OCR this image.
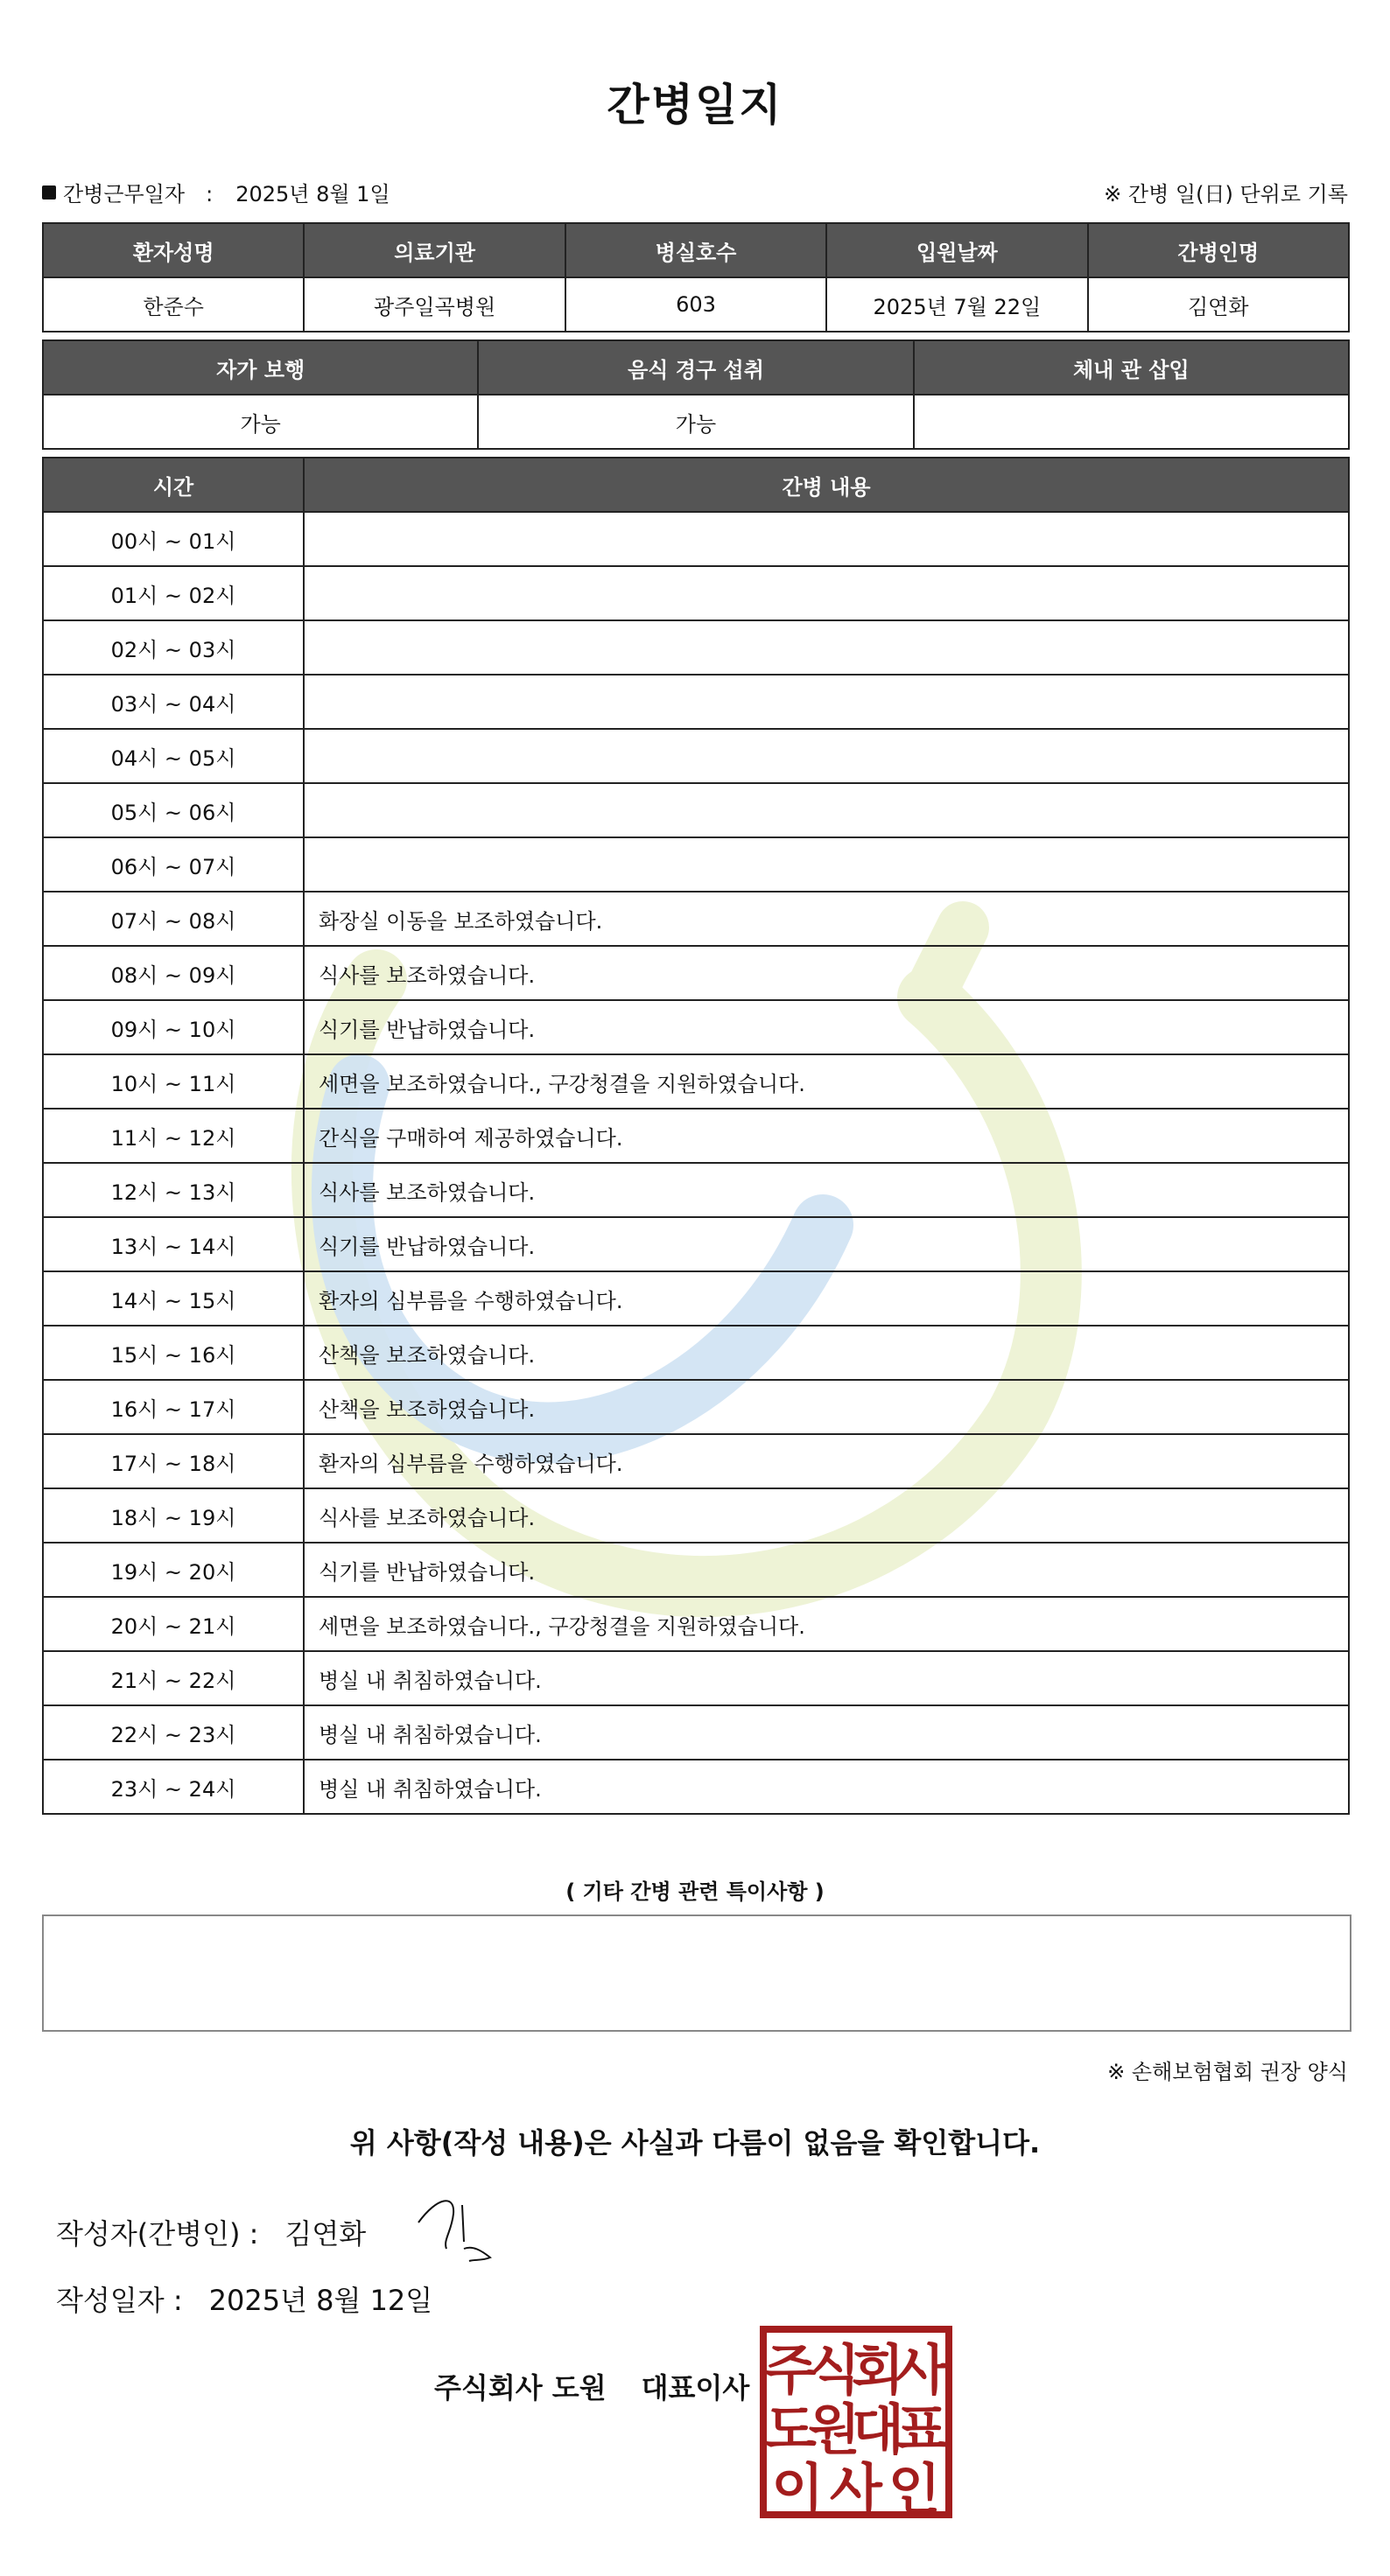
간병일지
간병근무일자　: 2025년 8월 1일	※ 간병 일(日) 단위로 기록
환자성명	의료기관	병실호수	입원날짜	간병인명
한준수	광주일곡병원	603	2025년 7월 22일	김연화
자가 보행	음식 경구 섭취	체내 관 삽입
가능	가능	
시간	간병 내용
00시 ~ 01시	
01시 ~ 02시	
02시 ~ 03시	
03시 ~ 04시	
04시 ~ 05시	
05시 ~ 06시	
06시 ~ 07시	
07시 ~ 08시	화장실 이동을 보조하였습니다.
08시 ~ 09시	식사를 보조하였습니다.
09시 ~ 10시	식기를 반납하였습니다.
10시 ~ 11시	세면을 보조하였습니다., 구강청결을 지원하였습니다.
11시 ~ 12시	간식을 구매하여 제공하였습니다.
12시 ~ 13시	식사를 보조하였습니다.
13시 ~ 14시	식기를 반납하였습니다.
14시 ~ 15시	환자의 심부름을 수행하였습니다.
15시 ~ 16시	산책을 보조하였습니다.
16시 ~ 17시	산책을 보조하였습니다.
17시 ~ 18시	환자의 심부름을 수행하였습니다.
18시 ~ 19시	식사를 보조하였습니다.
19시 ~ 20시	식기를 반납하였습니다.
20시 ~ 21시	세면을 보조하였습니다., 구강청결을 지원하였습니다.
21시 ~ 22시	병실 내 취침하였습니다.
22시 ~ 23시	병실 내 취침하였습니다.
23시 ~ 24시	병실 내 취침하였습니다.
( 기타 간병 관련 특이사항 )
※ 손해보험협회 권장 양식
위 사항(작성 내용)은 사실과 다름이 없음을 확인합니다.
작성자(간병인) : 김연화
작성일자 : 2025년 8월 12일
주식회사 도원 대표이사 주
식
회
사
도
원
대
표
이 사 인
